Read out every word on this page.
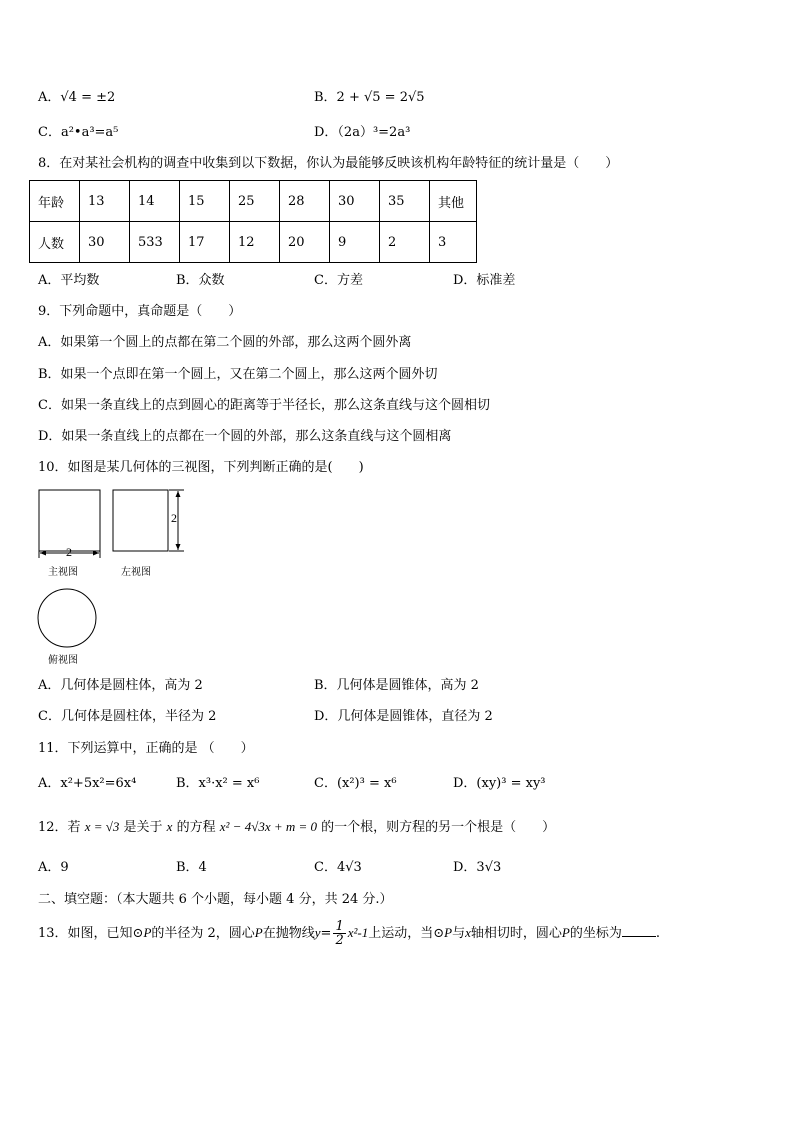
A．√4 = ±2	B．2 + √5 = 2√5
C．a²•a³=a⁵	D．（2a）³=2a³
8．在对某社会机构的调查中收集到以下数据，你认为最能够反映该机构年龄特征的统计量是（　　）
年龄	13	14	15	25	28	30	35	其他
人数	30	533	17	12	20	9	2	3
A．平均数	B．众数	C．方差	D．标准差
9．下列命题中，真命题是（　　）
A．如果第一个圆上的点都在第二个圆的外部，那么这两个圆外离
B．如果一个点即在第一个圆上，又在第二个圆上，那么这两个圆外切
C．如果一条直线上的点到圆心的距离等于半径长，那么这条直线与这个圆相切
D．如果一条直线上的点都在一个圆的外部，那么这条直线与这个圆相离
10．如图是某几何体的三视图，下列判断正确的是(　　)
2
2
主视图	左视图
俯视图
A．几何体是圆柱体，高为 2	B．几何体是圆锥体，高为 2
C．几何体是圆柱体，半径为 2	D．几何体是圆锥体，直径为 2
11．下列运算中，正确的是 （　　）
A．x²+5x²=6x⁴	B．x³·x² = x⁶	C．(x²)³ = x⁶	D．(xy)³ = xy³
12．若 x = √3 是关于 x 的方程 x² − 4√3x + m = 0 的一个根，则方程的另一个根是（　　）
A．9	B．4	C．4√3	D．3√3
二、填空题：（本大题共 6 个小题，每小题 4 分，共 24 分.）
13．如图，已知⊙P的半径为 2，圆心P在抛物线$y= \frac{1}{2} x^2-1$上运动，当⊙P与x轴相切时，圆心P的坐标为	.
